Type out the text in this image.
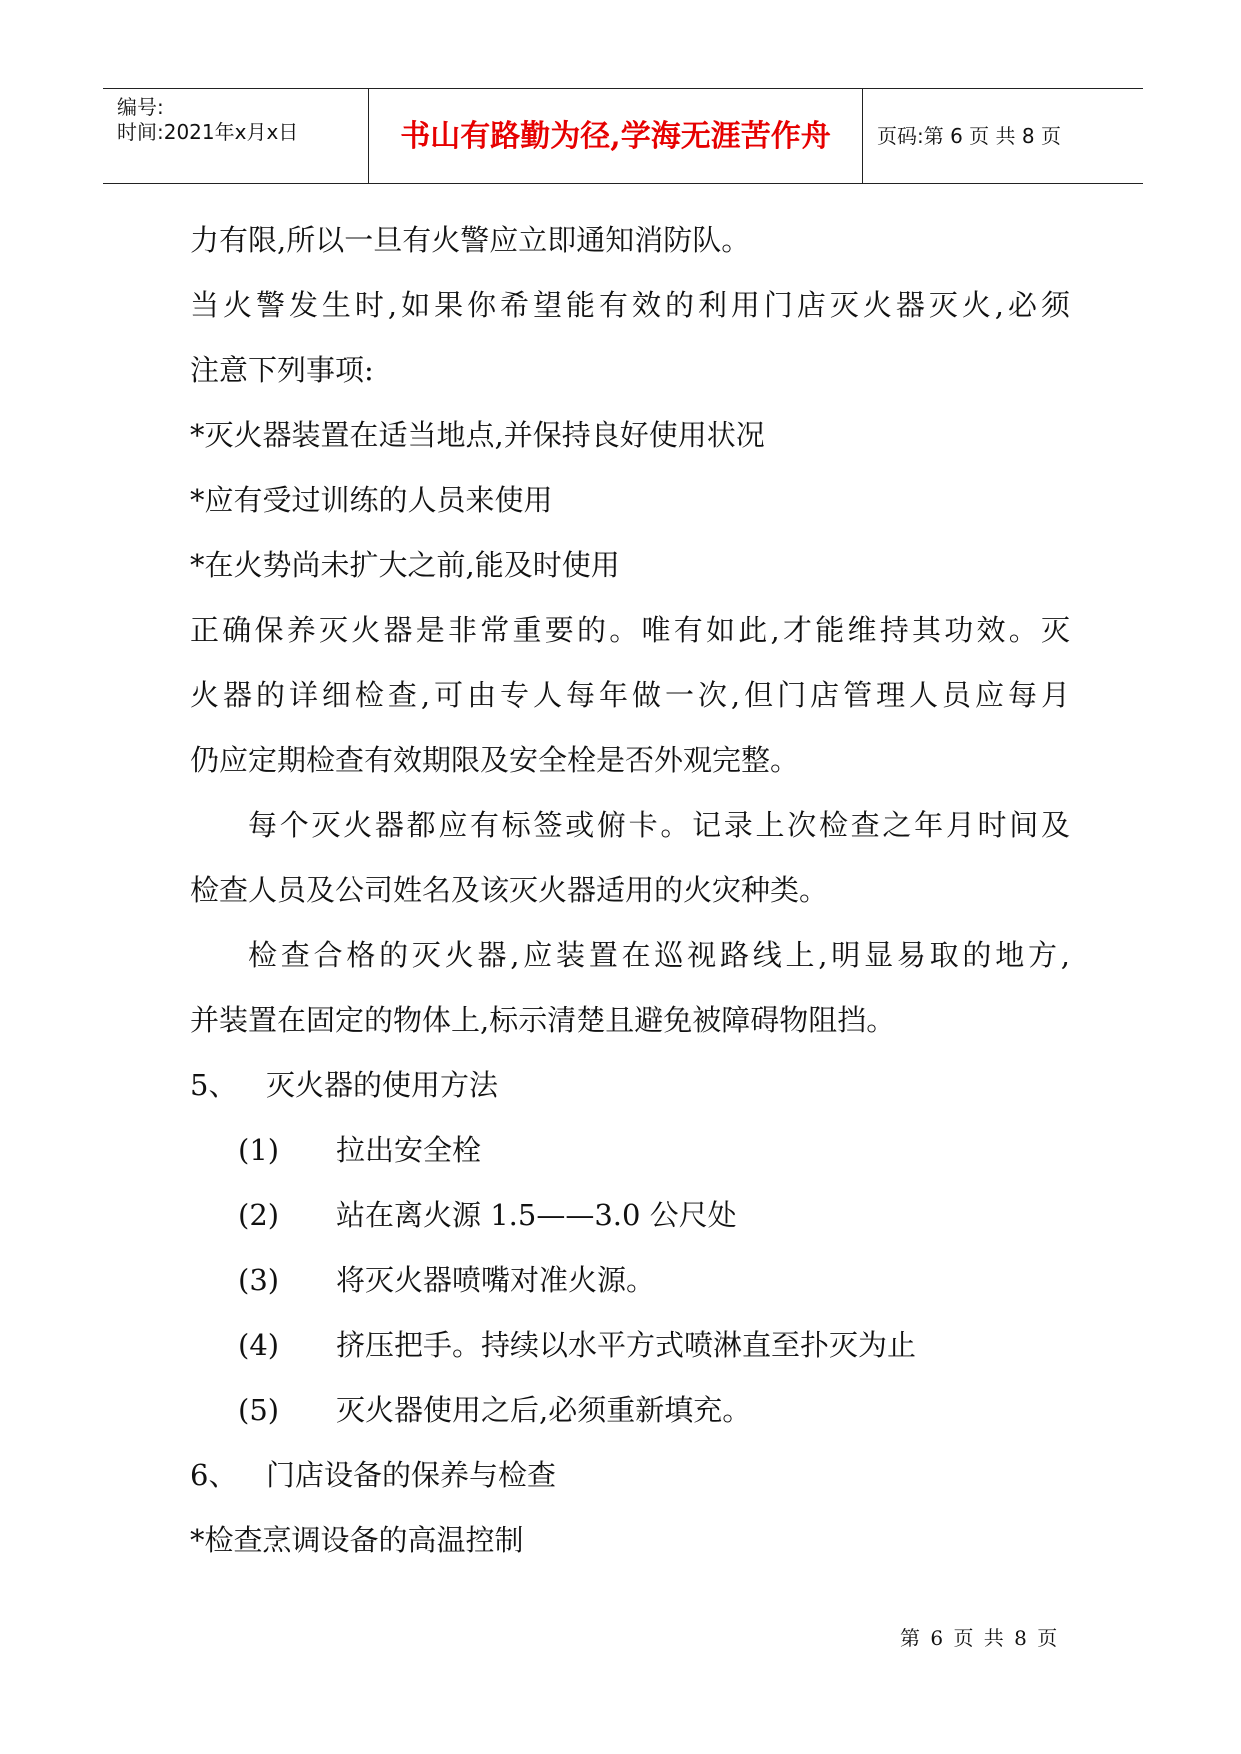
编号:
时间:2021年x月x日	书山有路勤为径,学海无涯苦作舟	页码:第 6 页 共 8 页
力有限,所以一旦有火警应立即通知消防队。
当火警发生时,如果你希望能有效的利用门店灭火器灭火,必须
注意下列事项:
*灭火器装置在适当地点,并保持良好使用状况
*应有受过训练的人员来使用
*在火势尚未扩大之前,能及时使用
正确保养灭火器是非常重要的。唯有如此,才能维持其功效。灭
火器的详细检查,可由专人每年做一次,但门店管理人员应每月
仍应定期检查有效期限及安全栓是否外观完整。
每个灭火器都应有标签或俯卡。记录上次检查之年月时间及
检查人员及公司姓名及该灭火器适用的火灾种类。
检查合格的灭火器,应装置在巡视路线上,明显易取的地方,
并装置在固定的物体上,标示清楚且避免被障碍物阻挡。
5、 灭火器的使用方法
(1) 拉出安全栓
(2) 站在离火源 1.5——3.0 公尺处
(3) 将灭火器喷嘴对准火源。
(4) 挤压把手。持续以水平方式喷淋直至扑灭为止
(5) 灭火器使用之后,必须重新填充。
6、 门店设备的保养与检查
*检查烹调设备的高温控制
第 6 页 共 8 页
